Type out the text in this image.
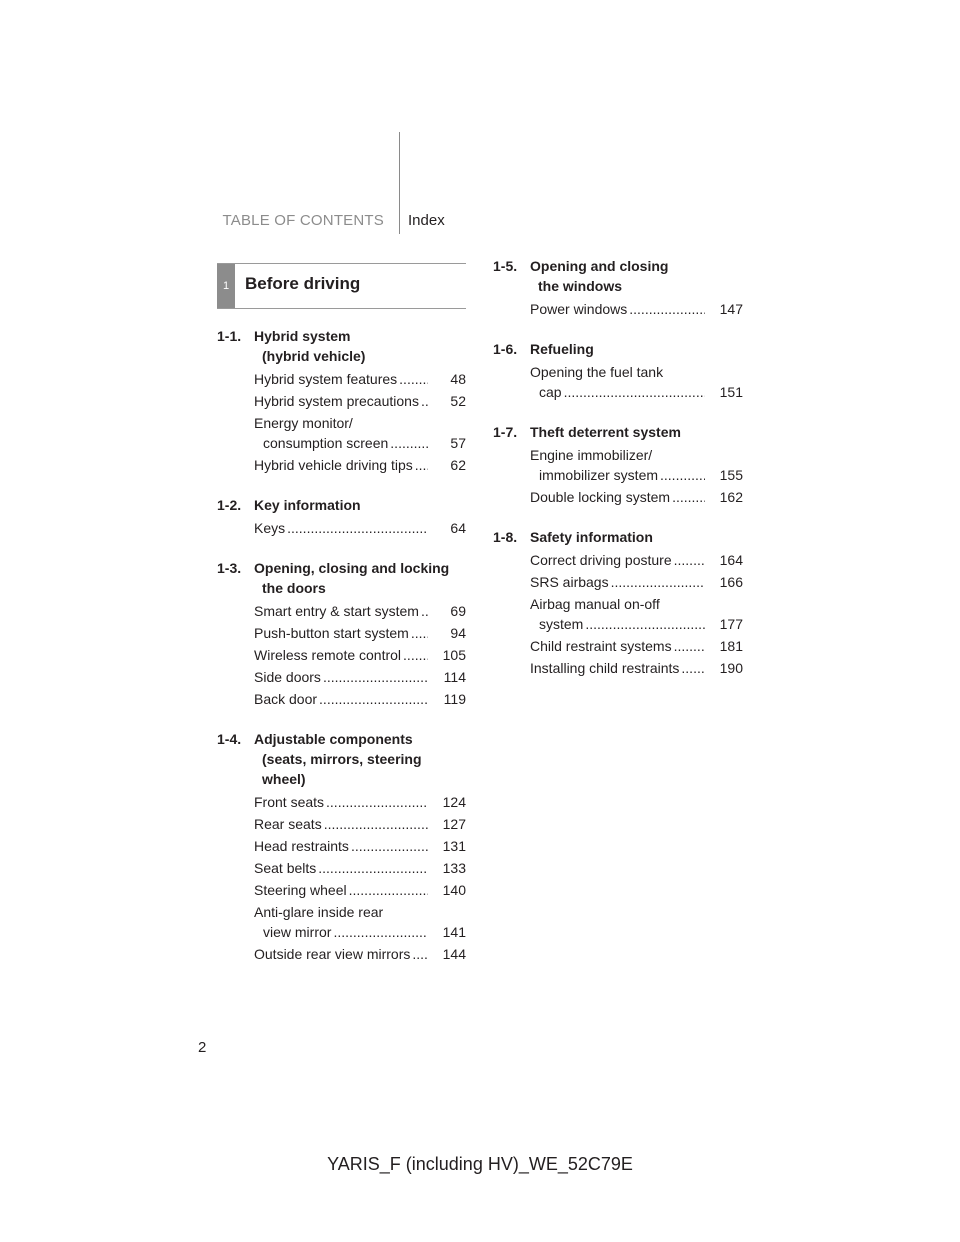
TABLE OF CONTENTS Index
1 Before driving
1-1. Hybrid system
(hybrid vehicle)
Hybrid system features .....	48
Hybrid system precautions .....	52
Energy monitor/
consumption screen .....	57
Hybrid vehicle driving tips .....	62
1-2. Key information
Keys .....	64
1-3. Opening, closing and locking
the doors
Smart entry & start system .....	69
Push-button start system .....	94
Wireless remote control .....	105
Side doors .....	114
Back door .....	119
1-4. Adjustable components
(seats, mirrors, steering
wheel)
Front seats .....	124
Rear seats .....	127
Head restraints .....	131
Seat belts .....	133
Steering wheel .....	140
Anti-glare inside rear
view mirror .....	141
Outside rear view mirrors .....	144
1-5. Opening and closing
the windows
Power windows .....	147
1-6. Refueling
Opening the fuel tank
cap .....	151
1-7. Theft deterrent system
Engine immobilizer/
immobilizer system .....	155
Double locking system .....	162
1-8. Safety information
Correct driving posture .....	164
SRS airbags .....	166
Airbag manual on-off
system .....	177
Child restraint systems .....	181
Installing child restraints .....	190
2
YARIS_F (including HV)_WE_52C79E
